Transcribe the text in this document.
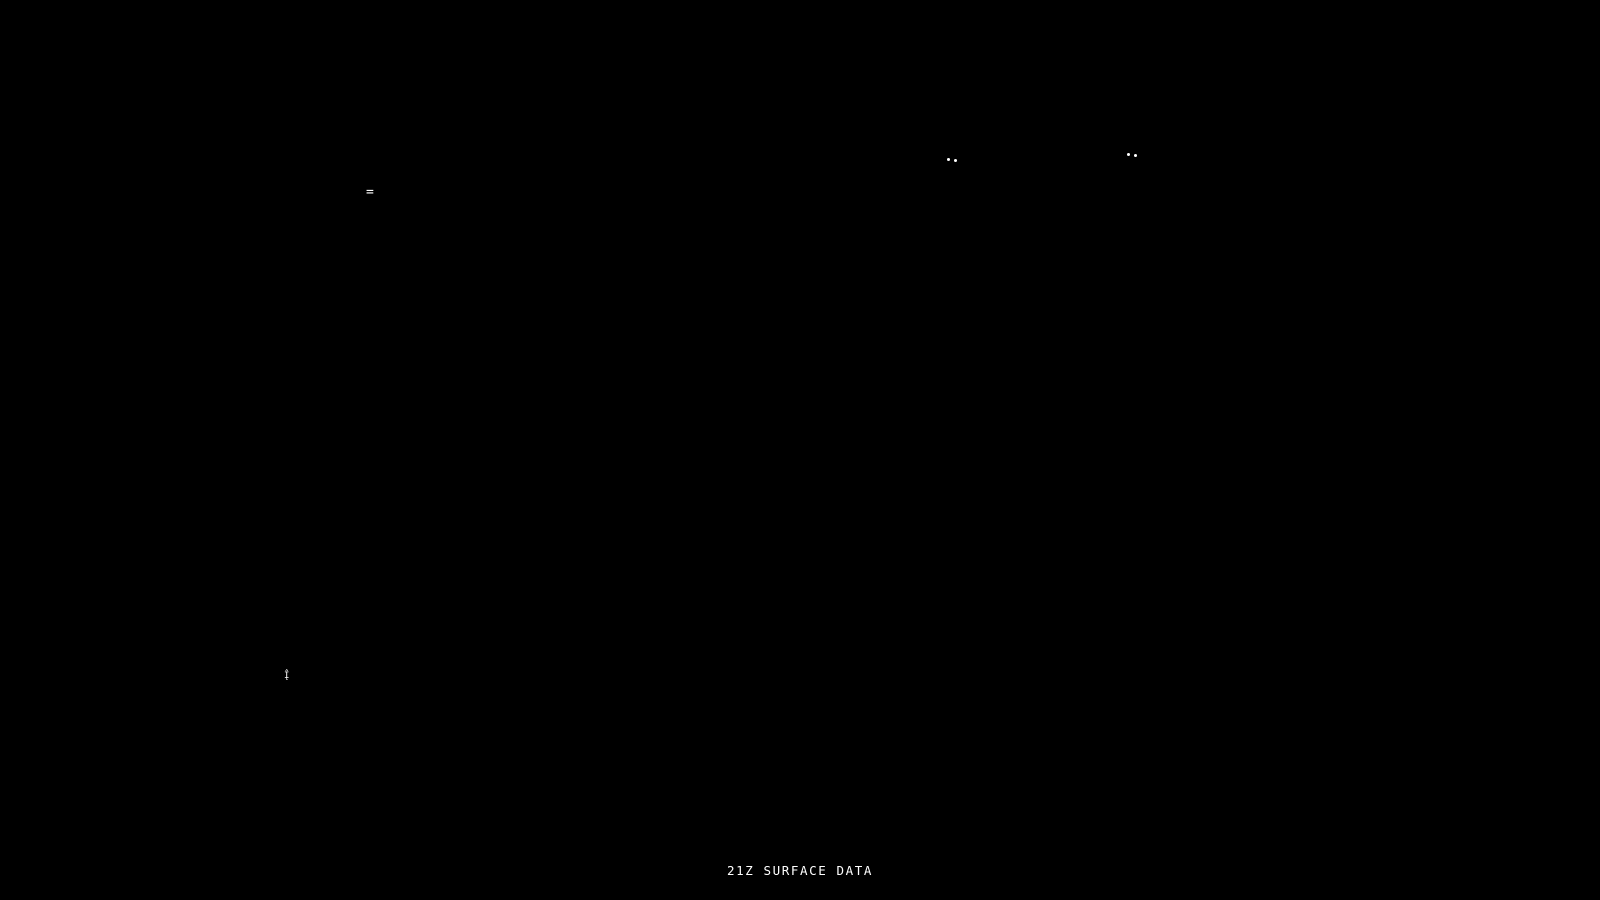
=
Į̂
21Z SURFACE DATA
